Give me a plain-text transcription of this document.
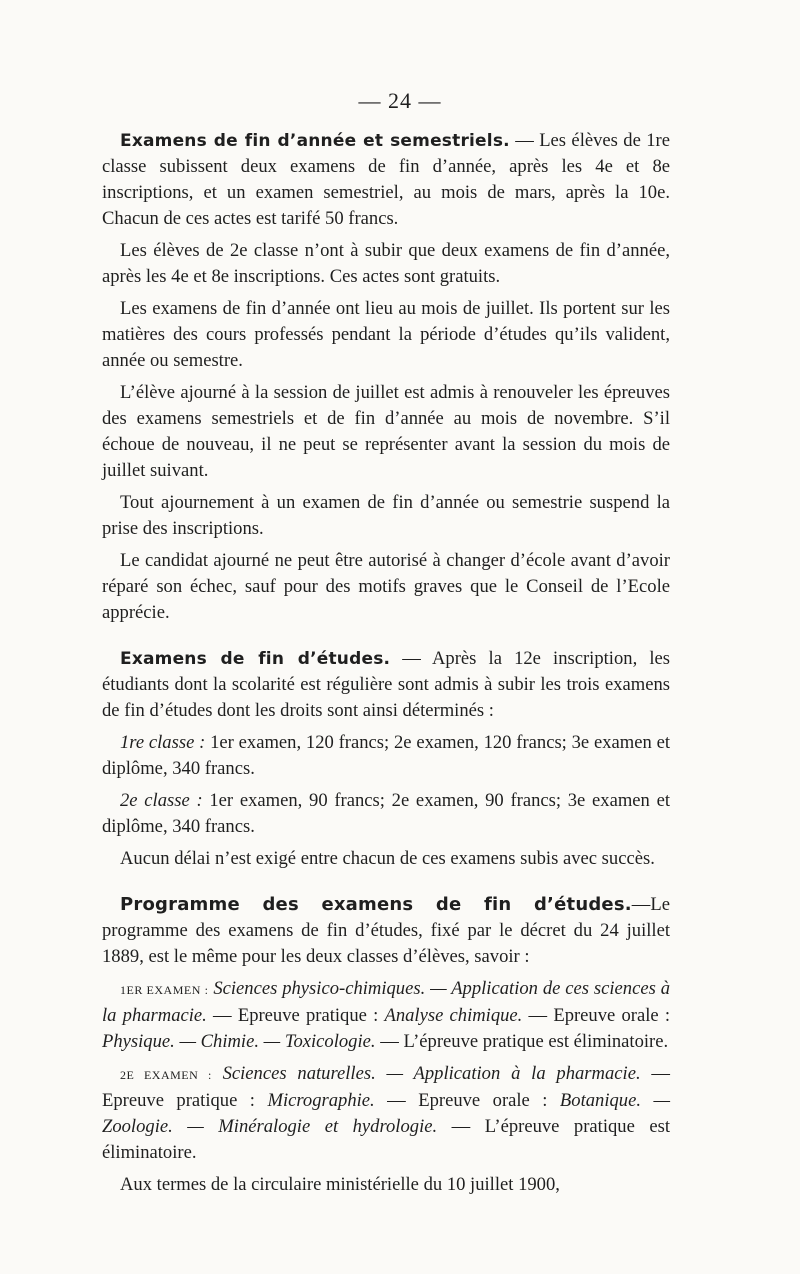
— 24 —

Examens de fin d’année et semestriels. — Les élèves de 1re classe subissent deux examens de fin d’année, après les 4e et 8e inscriptions, et un examen semestriel, au mois de mars, après la 10e. Chacun de ces actes est tarifé 50 francs.

Les élèves de 2e classe n’ont à subir que deux examens de fin d’année, après les 4e et 8e inscriptions. Ces actes sont gratuits.

Les examens de fin d’année ont lieu au mois de juillet. Ils portent sur les matières des cours professés pendant la période d’études qu’ils valident, année ou semestre.

L’élève ajourné à la session de juillet est admis à renouveler les épreuves des examens semestriels et de fin d’année au mois de novembre. S’il échoue de nouveau, il ne peut se représenter avant la session du mois de juillet suivant.

Tout ajournement à un examen de fin d’année ou semestrie suspend la prise des inscriptions.

Le candidat ajourné ne peut être autorisé à changer d’école avant d’avoir réparé son échec, sauf pour des motifs graves que le Conseil de l’Ecole apprécie.

Examens de fin d’études. — Après la 12e inscription, les étudiants dont la scolarité est régulière sont admis à subir les trois examens de fin d’études dont les droits sont ainsi déterminés :

1re classe : 1er examen, 120 francs; 2e examen, 120 francs; 3e examen et diplôme, 340 francs.

2e classe : 1er examen, 90 francs; 2e examen, 90 francs; 3e examen et diplôme, 340 francs.

Aucun délai n’est exigé entre chacun de ces examens subis avec succès.

Programme des examens de fin d’études.—Le programme des examens de fin d’études, fixé par le décret du 24 juillet 1889, est le même pour les deux classes d’élèves, savoir :

1ER EXAMEN : Sciences physico-chimiques. — Application de ces sciences à la pharmacie. — Epreuve pratique : Analyse chimique. — Epreuve orale : Physique. — Chimie. — Toxicologie. — L’épreuve pratique est éliminatoire.

2E EXAMEN : Sciences naturelles. — Application à la pharmacie. — Epreuve pratique : Micrographie. — Epreuve orale : Botanique. — Zoologie. — Minéralogie et hydrologie. — L’épreuve pratique est éliminatoire.

Aux termes de la circulaire ministérielle du 10 juillet 1900,
